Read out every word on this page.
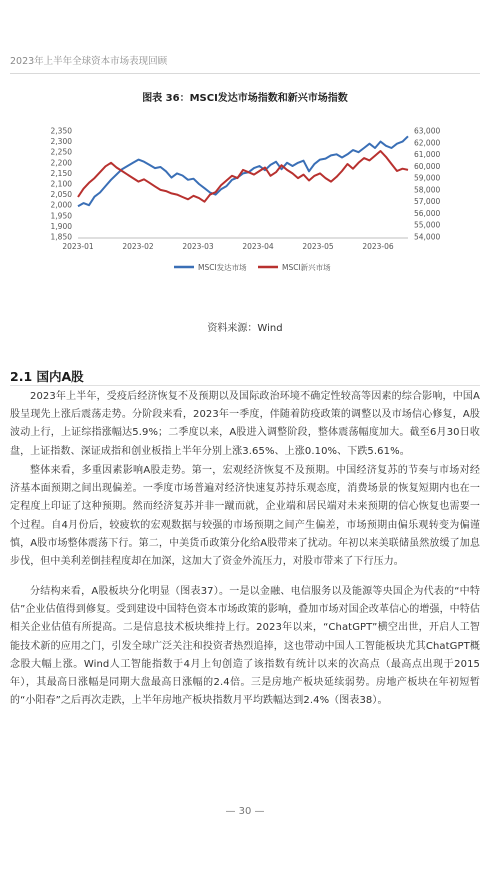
2023年上半年全球资本市场表现回顾
图表 36：MSCI发达市场指数和新兴市场指数
2,350
2,300
2,250
2,200
2,150
2,100
2,050
2,000
1,950
1,900
1,850
63,000
62,000
61,000
60,000
59,000
58,000
57,000
56,000
55,000
54,000
2023-01	2023-02	2023-03	2023-04	2023-05	2023-06
MSCI发达市场	MSCI新兴市场
资料来源：Wind
2.1 国内A股

2023年上半年，受疫后经济恢复不及预期以及国际政治环境不确定性较高等因素的综合影响，中国A股呈现先上涨后震荡走势。分阶段来看，2023年一季度，伴随着防疫政策的调整以及市场信心修复，A股波动上行，上证综指涨幅达5.9%；二季度以来，A股进入调整阶段，整体震荡幅度加大。截至6月30日收盘，上证指数、深证成指和创业板指上半年分别上涨3.65%、上涨0.10%、下跌5.61%。

整体来看，多重因素影响A股走势。第一，宏观经济恢复不及预期。中国经济复苏的节奏与市场对经济基本面预期之间出现偏差。一季度市场普遍对经济快速复苏持乐观态度，消费场景的恢复短期内也在一定程度上印证了这种预期。然而经济复苏并非一蹴而就，企业端和居民端对未来预期的信心恢复也需要一个过程。自4月份后，较疲软的宏观数据与较强的市场预期之间产生偏差，市场预期由偏乐观转变为偏谨慎，A股市场整体震荡下行。第二，中美货币政策分化给A股带来了扰动。年初以来美联储虽然放缓了加息步伐，但中美利差倒挂程度却在加深，这加大了资金外流压力，对股市带来了下行压力。

分结构来看，A股板块分化明显（图表37）。一是以金融、电信服务以及能源等央国企为代表的“中特估”企业估值得到修复。受到建设中国特色资本市场政策的影响，叠加市场对国企改革信心的增强，中特估相关企业估值有所提高。二是信息技术板块维持上行。2023年以来，“ChatGPT”横空出世，开启人工智能技术新的应用之门，引发全球广泛关注和投资者热烈追捧，这也带动中国人工智能板块尤其ChatGPT概念股大幅上涨。Wind人工智能指数于4月上旬创造了该指数有统计以来的次高点（最高点出现于2015年），其最高日涨幅是同期大盘最高日涨幅的2.4倍。三是房地产板块延续弱势。房地产板块在年初短暂的“小阳春”之后再次走跌，上半年房地产板块指数月平均跌幅达到2.4%（图表38）。

— 30 —
